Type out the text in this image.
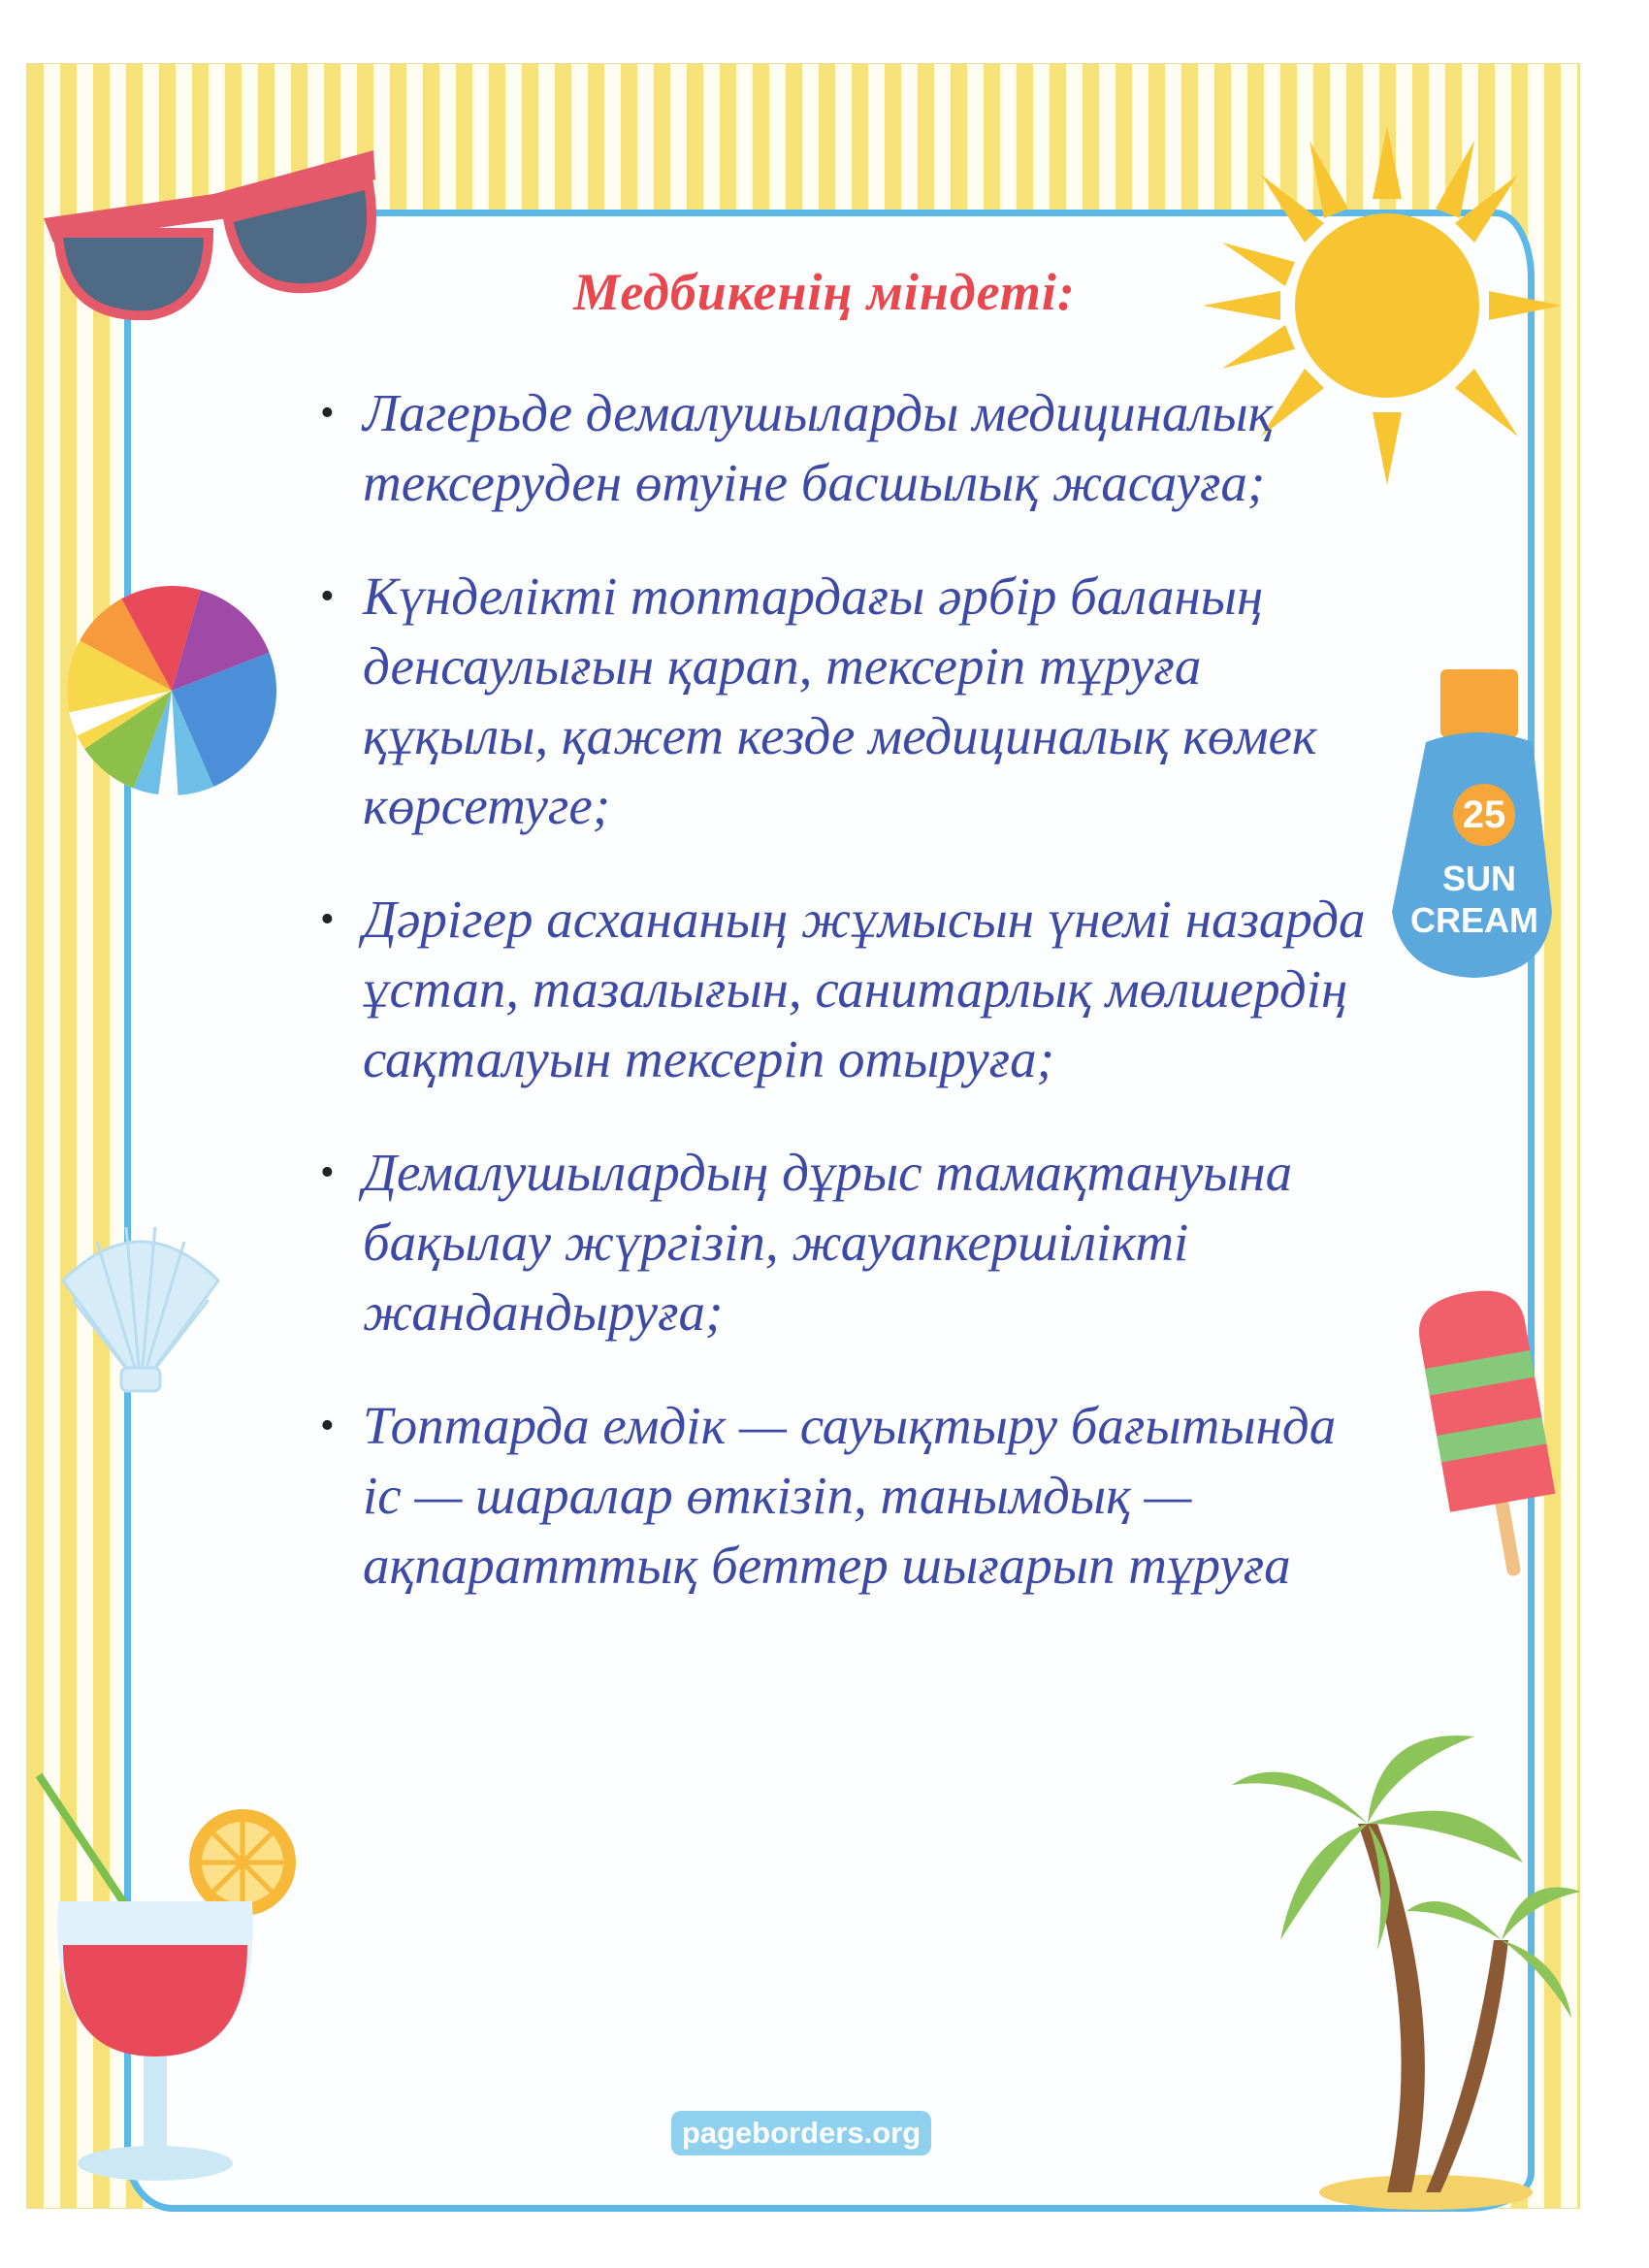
25
SUN
CREAM
Медбикенің міндеті:
• Лагерьде демалушыларды медициналық тексеруден өтуіне басшылық жасауға;
• Күнделікті топтардағы әрбір баланың денсаулығын қарап, тексеріп тұруға құқылы, қажет кезде медициналық көмек көрсетуге;
• Дәрігер асхананың жұмысын үнемі назарда ұстап, тазалығын, санитарлық мөлшердің сақталуын тексеріп отыруға;
• Демалушылардың дұрыс тамақтануына бақылау жүргізіп, жауапкершілікті жандандыруға;
• Топтарда емдік — сауықтыру бағытында іс — шаралар өткізіп, танымдық — ақпаратттық беттер шығарып тұруға
pageborders.org
